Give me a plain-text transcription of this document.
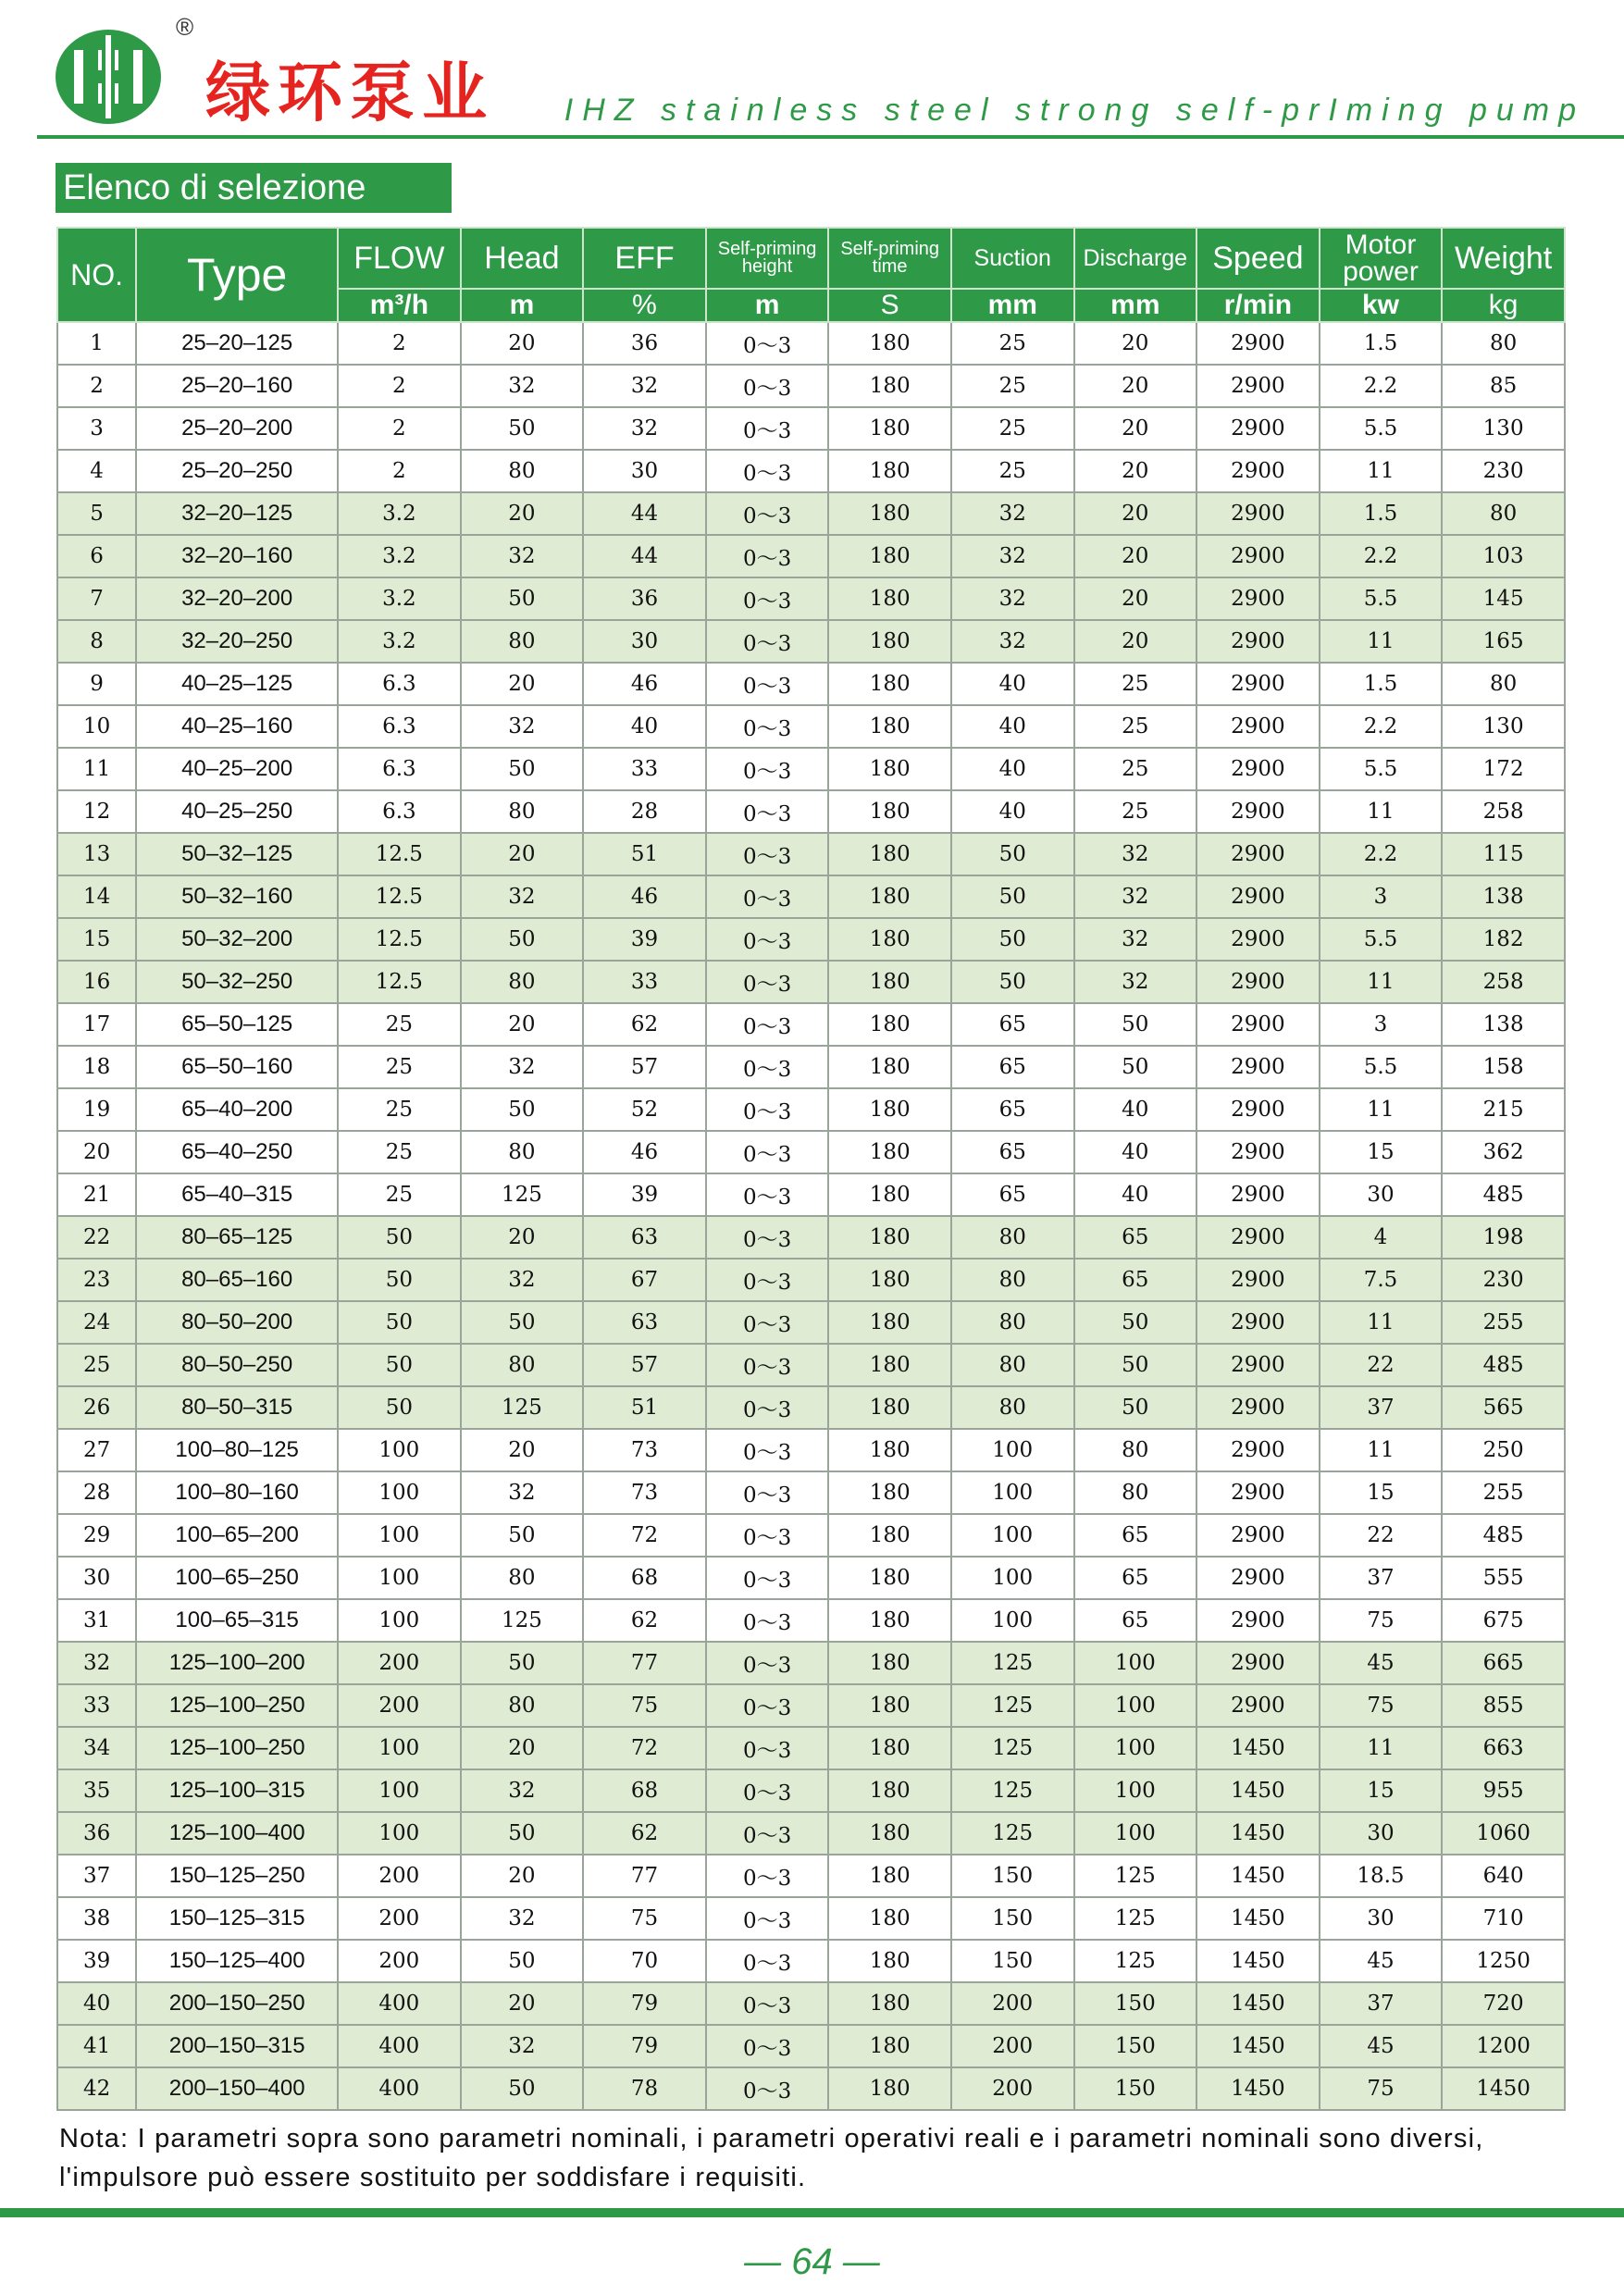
®
绿环泵业 IHZ stainless steel strong self-prIming pump
Elenco di selezione
NO.	Type	FLOW	Head	EFF	Self-priming height	Self-priming time	Suction	Discharge	Speed	Motor power	Weight
		m³/h	m	%	m	S	mm	mm	r/min	kw	kg
1	25–20–125	2	20	36	0～3	180	25	20	2900	1.5	80
2	25–20–160	2	32	32	0～3	180	25	20	2900	2.2	85
3	25–20–200	2	50	32	0～3	180	25	20	2900	5.5	130
4	25–20–250	2	80	30	0～3	180	25	20	2900	11	230
5	32–20–125	3.2	20	44	0～3	180	32	20	2900	1.5	80
6	32–20–160	3.2	32	44	0～3	180	32	20	2900	2.2	103
7	32–20–200	3.2	50	36	0～3	180	32	20	2900	5.5	145
8	32–20–250	3.2	80	30	0～3	180	32	20	2900	11	165
9	40–25–125	6.3	20	46	0～3	180	40	25	2900	1.5	80
10	40–25–160	6.3	32	40	0～3	180	40	25	2900	2.2	130
11	40–25–200	6.3	50	33	0～3	180	40	25	2900	5.5	172
12	40–25–250	6.3	80	28	0～3	180	40	25	2900	11	258
13	50–32–125	12.5	20	51	0～3	180	50	32	2900	2.2	115
14	50–32–160	12.5	32	46	0～3	180	50	32	2900	3	138
15	50–32–200	12.5	50	39	0～3	180	50	32	2900	5.5	182
16	50–32–250	12.5	80	33	0～3	180	50	32	2900	11	258
17	65–50–125	25	20	62	0～3	180	65	50	2900	3	138
18	65–50–160	25	32	57	0～3	180	65	50	2900	5.5	158
19	65–40–200	25	50	52	0～3	180	65	40	2900	11	215
20	65–40–250	25	80	46	0～3	180	65	40	2900	15	362
21	65–40–315	25	125	39	0～3	180	65	40	2900	30	485
22	80–65–125	50	20	63	0～3	180	80	65	2900	4	198
23	80–65–160	50	32	67	0～3	180	80	65	2900	7.5	230
24	80–50–200	50	50	63	0～3	180	80	50	2900	11	255
25	80–50–250	50	80	57	0～3	180	80	50	2900	22	485
26	80–50–315	50	125	51	0～3	180	80	50	2900	37	565
27	100–80–125	100	20	73	0～3	180	100	80	2900	11	250
28	100–80–160	100	32	73	0～3	180	100	80	2900	15	255
29	100–65–200	100	50	72	0～3	180	100	65	2900	22	485
30	100–65–250	100	80	68	0～3	180	100	65	2900	37	555
31	100–65–315	100	125	62	0～3	180	100	65	2900	75	675
32	125–100–200	200	50	77	0～3	180	125	100	2900	45	665
33	125–100–250	200	80	75	0～3	180	125	100	2900	75	855
34	125–100–250	100	20	72	0～3	180	125	100	1450	11	663
35	125–100–315	100	32	68	0～3	180	125	100	1450	15	955
36	125–100–400	100	50	62	0～3	180	125	100	1450	30	1060
37	150–125–250	200	20	77	0～3	180	150	125	1450	18.5	640
38	150–125–315	200	32	75	0～3	180	150	125	1450	30	710
39	150–125–400	200	50	70	0～3	180	150	125	1450	45	1250
40	200–150–250	400	20	79	0～3	180	200	150	1450	37	720
41	200–150–315	400	32	79	0～3	180	200	150	1450	45	1200
42	200–150–400	400	50	78	0～3	180	200	150	1450	75	1450
Nota: I parametri sopra sono parametri nominali, i parametri operativi reali e i parametri nominali sono diversi,
l'impulsore può essere sostituito per soddisfare i requisiti.
— 64 —
